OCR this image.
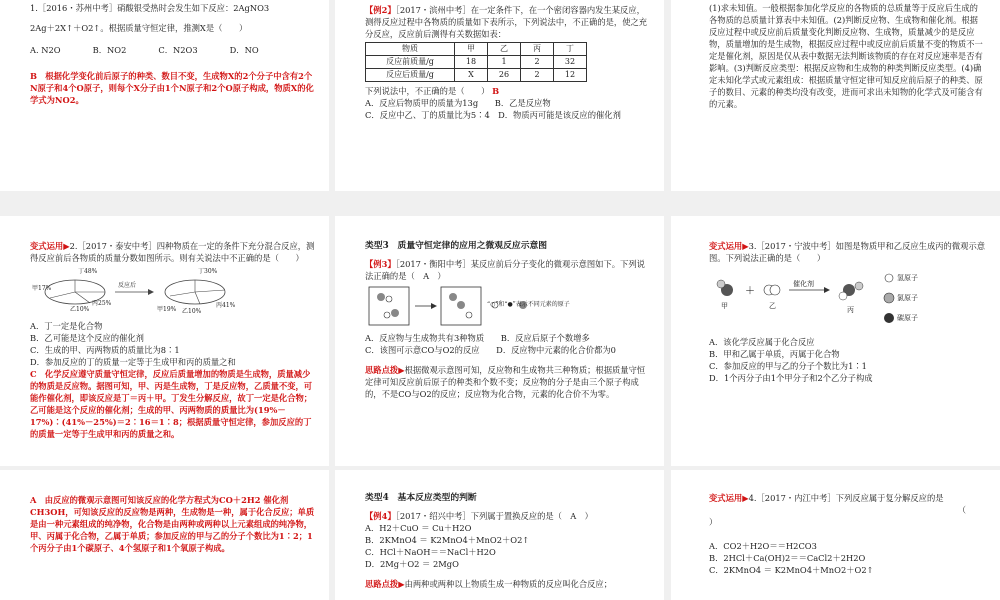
1.［2016・苏州中考］硝酸银受热时会发生如下反应：2AgNO3

2Ag＋2X↑＋O2↑。根据质量守恒定律，推测X是（　　）

A. N2O	B．NO2	C．N2O3	D．NO

B　根据化学变化前后原子的种类、数目不变，生成物X的2个分子中含有2个N原子和4个O原子，则每个X分子由1个N原子和2个O原子构成，物质X的化学式为NO2。

【例2】［2017・滨州中考］在一定条件下，在一个密闭容器内发生某反应，测得反应过程中各物质的质量如下表所示，下列说法中，不正确的是，使之充分反应，反应前后测得有关数据如表：

物质	甲	乙	丙	丁
反应前质量/g	18	1	2	32
反应后质量/g	X	26	2	12

下列说法中，不正确的是（　　） B

A．反应后物质甲的质量为13g　　 B．乙是反应物

C．反应中乙、丁的质量比为5∶4　 D．物质丙可能是该反应的催化剂

(1)求未知值。一般根据参加化学反应的各物质的总质量等于反应后生成的各物质的总质量计算表中未知值。(2)判断反应物、生成物和催化剂。根据反应过程中或反应前后质量变化判断反应物、生成物，质量减少的是反应物，质量增加的是生成物，根据反应过程中或反应前后质量不变的物质不一定是催化剂，原因是仅从表中数据无法判断该物质的存在对反应速率是否有影响。(3)判断反应类型：根据反应物和生成物的种类判断反应类型。(4)确定未知化学式或元素组成：根据质量守恒定律可知反应前后原子的种类、原子的数目、元素的种类均没有改变，进而可求出未知物的化学式及可能含有的元素。

变式运用▶2.［2017・泰安中考］四种物质在一定的条件下充分混合反应，测得反应前后各物质的质量分数如图所示。则有关说法中不正确的是（　　）

丁48%
甲17%
乙10%
丙25%
反应后
丁30%
甲19% 乙10%
丙41%

A．丁一定是化合物

B．乙可能是这个反应的催化剂

C．生成的甲、丙两物质的质量比为8∶1

D．参加反应的丁的质量一定等于生成甲和丙的质量之和

C　化学反应遵守质量守恒定律，反应后质量增加的物质是生成物，质量减少的物质是反应物。据图可知，甲、丙是生成物，丁是反应物，乙质量不变，可能作催化剂，即该反应是丁＝丙＋甲。丁发生分解反应，故丁一定是化合物；乙可能是这个反应的催化剂；生成的甲、丙两物质的质量比为(19%－17%)∶(41%－25%)＝2∶16＝1∶8；根据质量守恒定律，参加反应的丁的质量一定等于生成甲和丙的质量之和。

类型3　 质量守恒定律的应用之微观反应示意图

【例3】［2017・衡阳中考］某反应前后分子变化的微观示意图如下。下列说法正确的是（　A　）

“○”和“●”表示不同元素的原子

A．反应物与生成物共有3种物质　　 B．反应后原子个数增多

C．该图可示意CO与O2的反应　　 D．反应物中元素的化合价都为0

思路点拨▶根据微观示意图可知，反应物和生成物共三种物质；根据质量守恒定律可知反应前后原子的种类和个数不变；反应物的分子是由三个原子构成的，不是CO与O2的反应；反应物为化合物，元素的化合价不为零。

变式运用▶3.［2017・宁波中考］如图是物质甲和乙反应生成丙的微观示意图。下列说法正确的是（　　）

＋
氢原子
氯原子
碳原子
甲	乙	丙
催化剂

A．该化学反应属于化合反应

B．甲和乙属于单质，丙属于化合物

C．参加反应的甲与乙的分子个数比为1∶1

D．1个丙分子由1个甲分子和2个乙分子构成

A　由反应的微观示意图可知该反应的化学方程式为CO＋2H2 催化剂 CH3OH，可知该反应的反应物是两种，生成物是一种，属于化合反应；单质是由一种元素组成的纯净物，化合物是由两种或两种以上元素组成的纯净物，甲、丙属于化合物，乙属于单质；参加反应的甲与乙的分子个数比为1∶2；1个丙分子由1个碳原子、4个氢原子和1个氧原子构成。

类型4　 基本反应类型的判断

【例4】［2017・绍兴中考］下列属于置换反应的是（　A　）

A．H2＋CuO ＝ Cu＋H2O

B．2KMnO4 ＝ K2MnO4＋MnO2＋O2↑

C．HCl＋NaOH＝＝NaCl＋H2O

D．2Mg＋O2 ＝ 2MgO

思路点拨▶由两种或两种以上物质生成一种物质的反应叫化合反应；

变式运用▶4.［2017・内江中考］下列反应属于复分解反应的是

（

）

A．CO2＋H2O＝＝H2CO3

B．2HCl＋Ca(OH)2＝＝CaCl2＋2H2O

C．2KMnO4 ＝ K2MnO4＋MnO2＋O2↑
